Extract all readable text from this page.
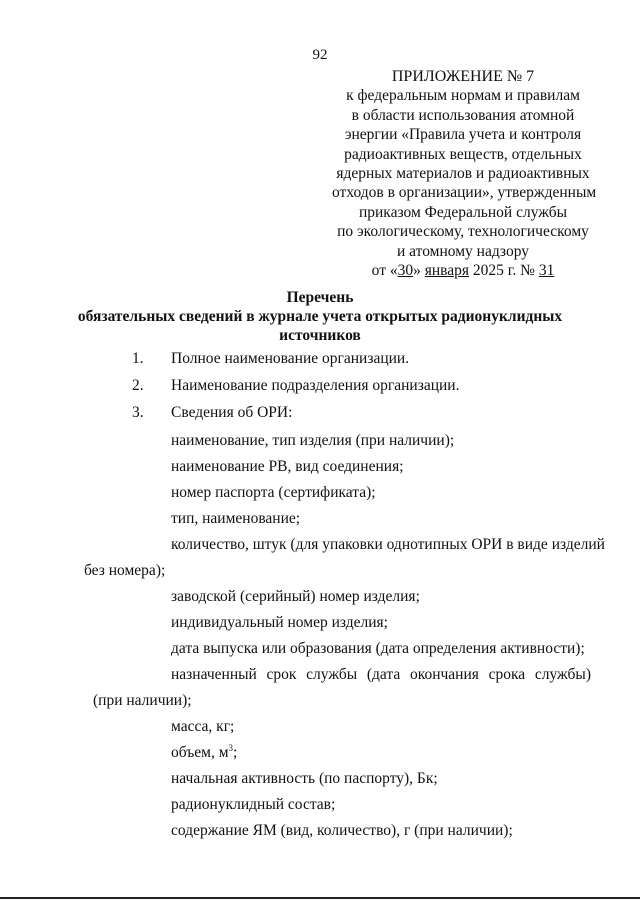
92
ПРИЛОЖЕНИЕ № 7
к федеральным нормам и правилам
в области использования атомной
энергии «Правила учета и контроля
радиоактивных веществ, отдельных
ядерных материалов и радиоактивных
отходов в организации», утвержденным
приказом Федеральной службы
по экологическому, технологическому
и атомному надзору
от «30» января 2025 г. № 31
Перечень
обязательных сведений в журнале учета открытых радионуклидных
источников
1. Полное наименование организации.
2. Наименование подразделения организации.
3. Сведения об ОРИ:
наименование, тип изделия (при наличии);
наименование РВ, вид соединения;
номер паспорта (сертификата);
тип, наименование;
количество, штук (для упаковки однотипных ОРИ в виде изделий
без номера);
заводской (серийный) номер изделия;
индивидуальный номер изделия;
дата выпуска или образования (дата определения активности);
назначенный срок службы (дата окончания срока службы)
(при наличии);
масса, кг;
объем, $м^3$;
начальная активность (по паспорту), Бк;
радионуклидный состав;
содержание ЯМ (вид, количество), г (при наличии);
